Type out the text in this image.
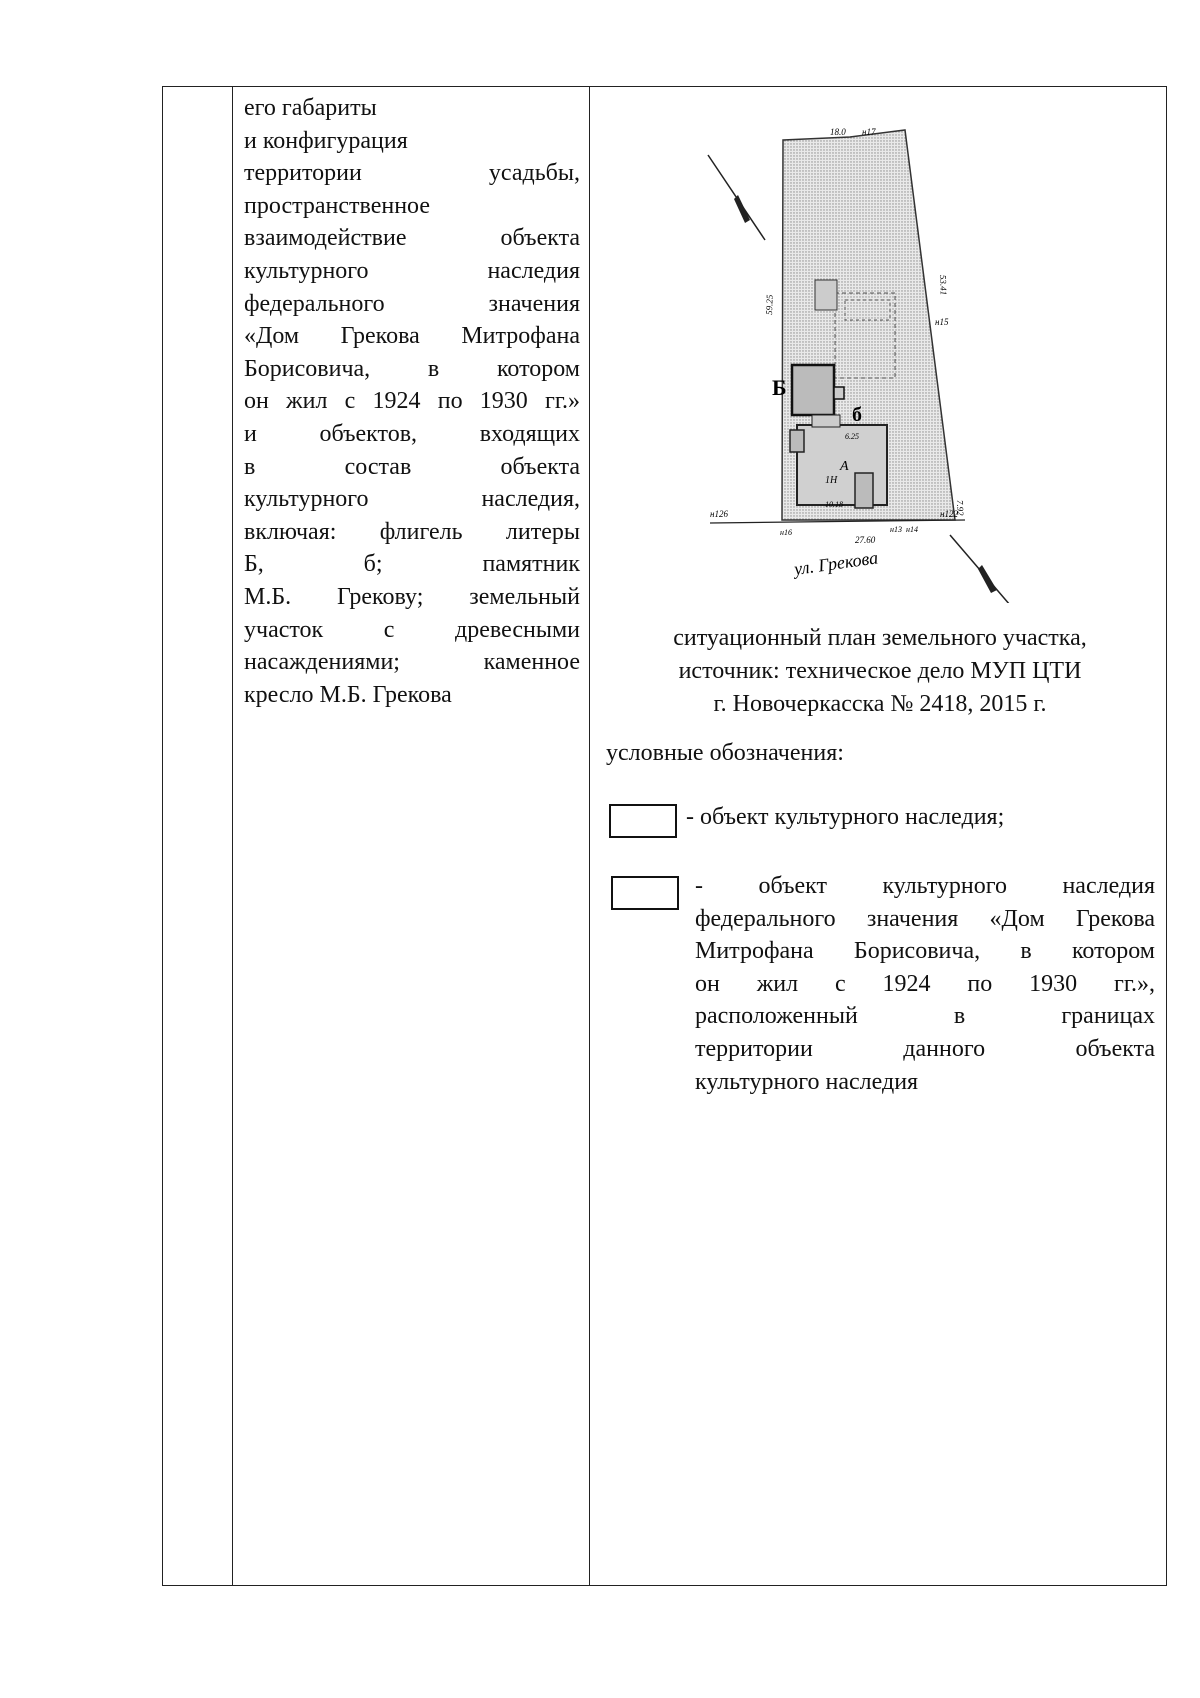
его габариты
и конфигурация
территории усадьбы,
пространственное
взаимодействие объекта
культурного наследия
федерального значения
«Дом Грекова Митрофана
Борисовича, в котором
он жил с 1924 по 1930 гг.»
и объектов, входящих
в состав объекта
культурного наследия,
включая: флигель литеры
Б, б; памятник
М.Б. Грекову; земельный
участок с древесными
насаждениями; каменное
кресло М.Б. Грекова
Б
б
18.0 н17
59.25
53.41
н15
7.92
27.60
н126	н122
н16	н13 н14
А
1Н
10.18
6.25
ул. Грекова
ситуационный план земельного участка,
источник: техническое дело МУП ЦТИ
г. Новочеркасска № 2418, 2015 г.
условные обозначения:
- объект культурного наследия;
- объект культурного наследия
федерального значения «Дом Грекова
Митрофана Борисовича, в котором
он жил с 1924 по 1930 гг.»,
расположенный в границах
территории данного объекта
культурного наследия
